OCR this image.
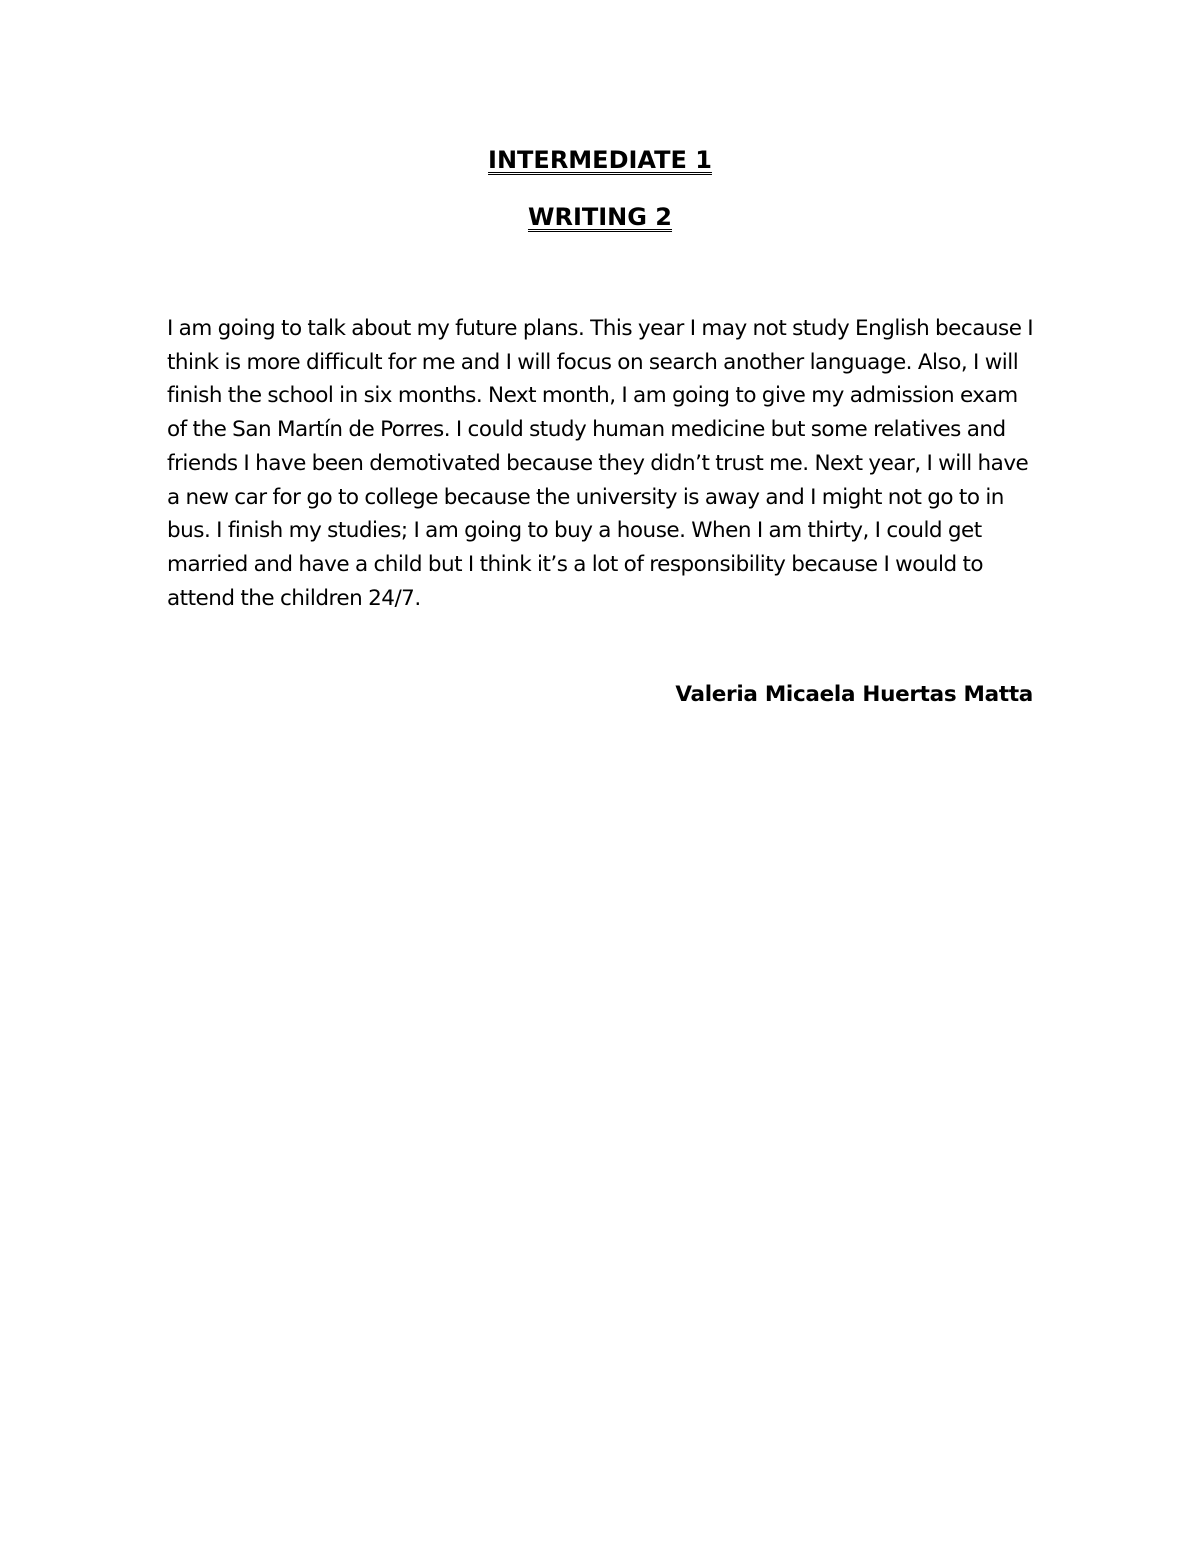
INTERMEDIATE 1
WRITING 2

I am going to talk about my future plans. This year I may not study English because I think is more difficult for me and I will focus on search another language. Also, I will finish the school in six months. Next month, I am going to give my admission exam of the San Martín de Porres. I could study human medicine but some relatives and friends I have been demotivated because they didn’t trust me. Next year, I will have a new car for go to college because the university is away and I might not go to in bus. I finish my studies; I am going to buy a house. When I am thirty, I could get married and have a child but I think it’s a lot of responsibility because I would to attend the children 24/7.

Valeria Micaela Huertas Matta
